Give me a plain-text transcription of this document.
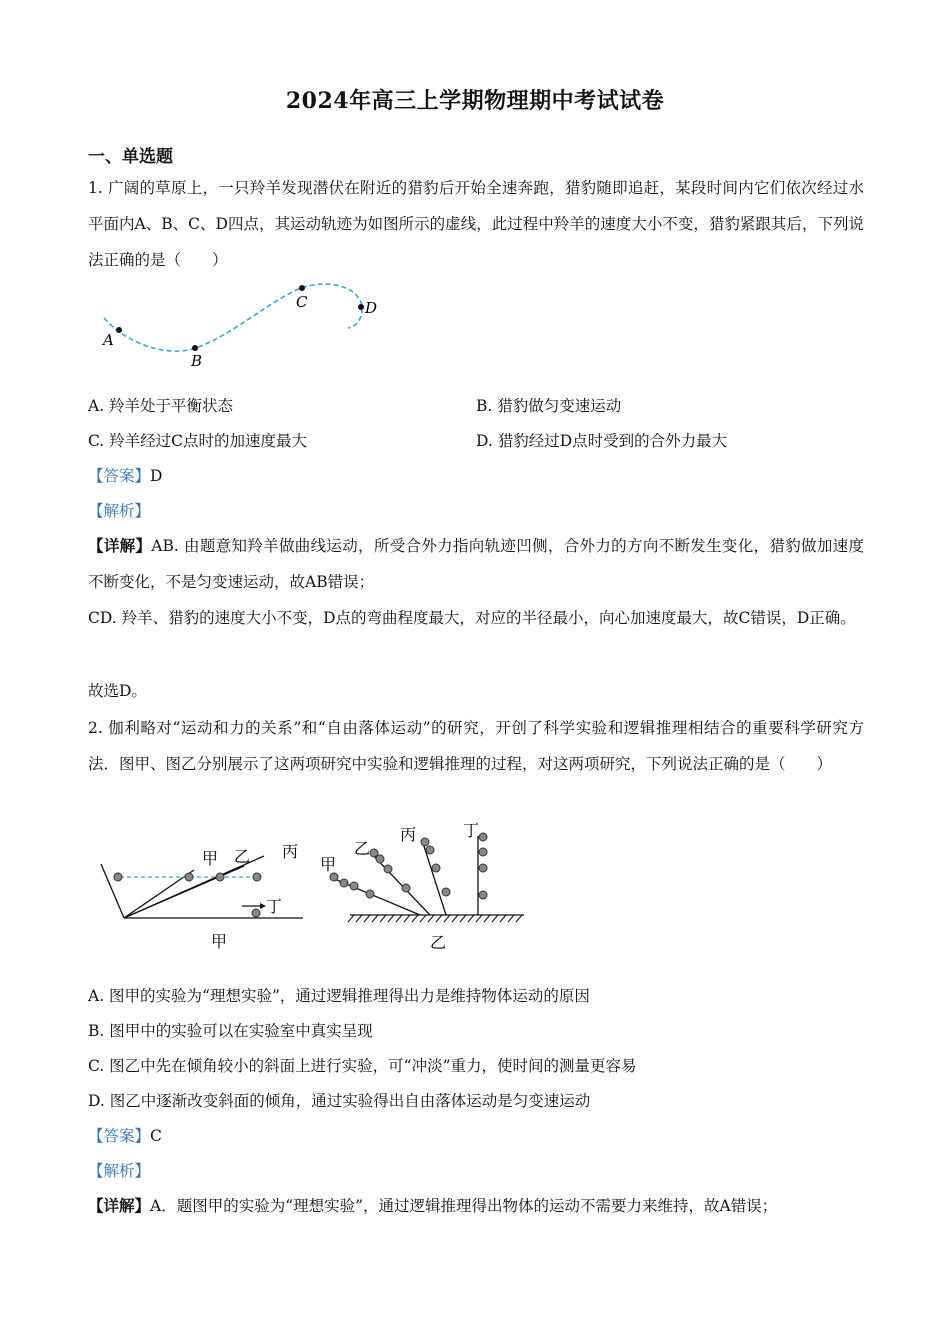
2024年高三上学期物理期中考试试卷
一、单选题

1. 广阔的草原上，一只羚羊发现潜伏在附近的猎豹后开始全速奔跑，猎豹随即追赶，某段时间内它们依次经过水平面内A、B、C、D四点，其运动轨迹为如图所示的虚线，此过程中羚羊的速度大小不变，猎豹紧跟其后，下列说法正确的是（　　）

A
B
C	D
A. 羚羊处于平衡状态	B. 猎豹做匀变速运动
C. 羚羊经过C点时的加速度最大	D. 猎豹经过D点时受到的合外力最大
【答案】D
【解析】

【详解】AB. 由题意知羚羊做曲线运动，所受合外力指向轨迹凹侧，合外力的方向不断发生变化，猎豹做加速度不断变化，不是匀变速运动，故AB错误；

CD. 羚羊、猎豹的速度大小不变，D点的弯曲程度最大，对应的半径最小，向心加速度最大，故C错误，D正确。

故选D。

2. 伽利略对“运动和力的关系”和“自由落体运动”的研究，开创了科学实验和逻辑推理相结合的重要科学研究方法．图甲、图乙分别展示了这两项研究中实验和逻辑推理的过程，对这两项研究，下列说法正确的是（　　）

甲 乙 丙
丁
甲
甲
乙
丙	丁
乙
A. 图甲的实验为“理想实验”，通过逻辑推理得出力是维持物体运动的原因
B. 图甲中的实验可以在实验室中真实呈现
C. 图乙中先在倾角较小的斜面上进行实验，可“冲淡”重力，使时间的测量更容易
D. 图乙中逐渐改变斜面的倾角，通过实验得出自由落体运动是匀变速运动
【答案】C
【解析】
【详解】A．题图甲的实验为“理想实验”，通过逻辑推理得出物体的运动不需要力来维持，故A错误；
